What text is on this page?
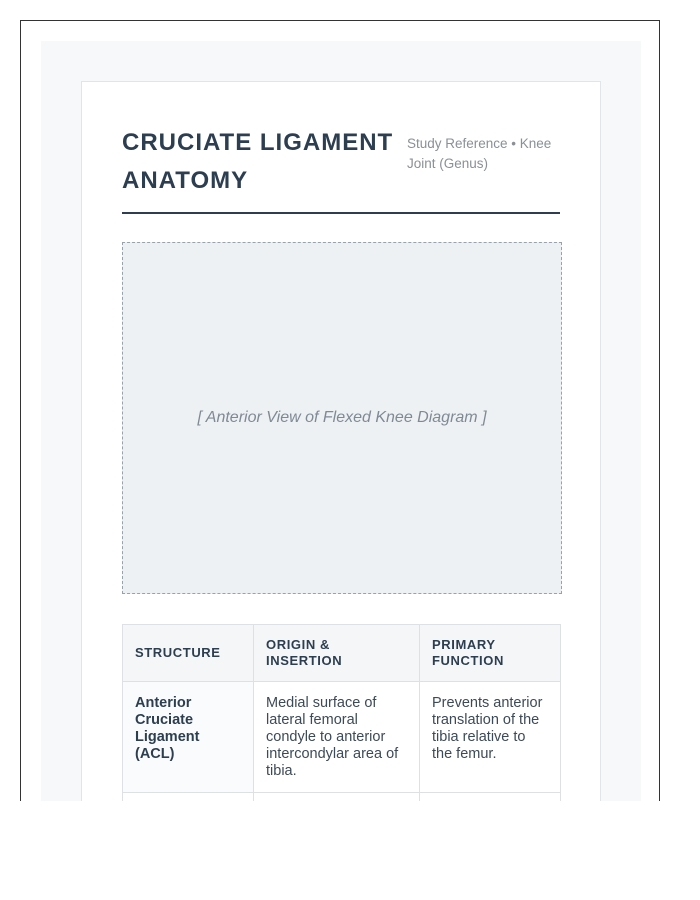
CRUCIATE LIGAMENT ANATOMY
Study Reference • Knee Joint (Genus)
[ Anterior View of Flexed Knee Diagram ]
STRUCTURE	ORIGIN & INSERTION	PRIMARY FUNCTION
Anterior Cruciate Ligament (ACL)	Medial surface of lateral femoral condyle to anterior intercondylar area of tibia.	Prevents anterior translation of the tibia relative to the femur.
